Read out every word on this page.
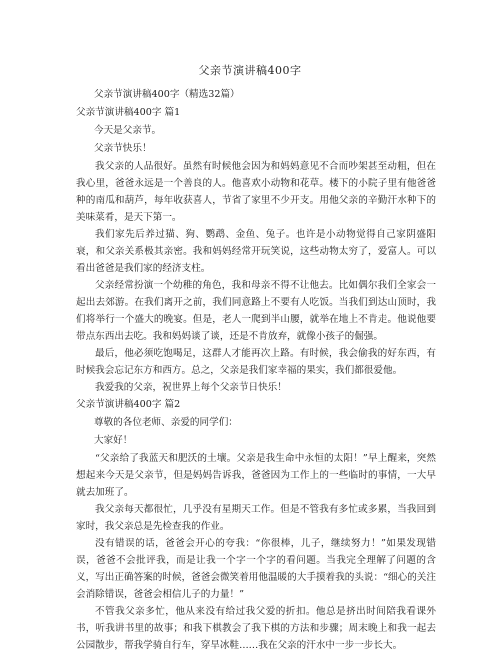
父亲节演讲稿400字
父亲节演讲稿400字（精选32篇）
父亲节演讲稿400字 篇1
今天是父亲节。
父亲节快乐！
我父亲的人品很好。虽然有时候他会因为和妈妈意见不合而吵架甚至动粗，但在我心里，爸爸永远是一个善良的人。他喜欢小动物和花草。楼下的小院子里有他爸爸种的南瓜和葫芦，每年收获喜人，节省了家里不少开支。用他父亲的辛勤汗水种下的美味菜肴，是天下第一。
我们家先后养过猫、狗、鹦鹉、金鱼、兔子。也许是小动物觉得自己家阴盛阳衰，和父亲关系极其亲密。我和妈妈经常开玩笑说，这些动物太穷了，爱富人。可以看出爸爸是我们家的经济支柱。
父亲经常扮演一个幼稚的角色，我和母亲不得不让他去。比如偶尔我们全家会一起出去郊游。在我们离开之前，我们同意路上不要有人吃饭。当我们到达山顶时，我们将举行一个盛大的晚宴。但是，老人一爬到半山腰，就举在地上不肯走。他说他要带点东西出去吃。我和妈妈谈了谈，还是不肯放弃，就像小孩子的倔强。
最后，他必须吃饱喝足，这群人才能再次上路。有时候，我会偷我的好东西，有时候我会忘记东方和西方。总之，父亲是我们家幸福的果实，我们都很爱他。
我爱我的父亲，祝世界上每个父亲节日快乐！
父亲节演讲稿400字 篇2
尊敬的各位老师、亲爱的同学们：
大家好！
“父亲给了我蓝天和肥沃的土壤。父亲是我生命中永恒的太阳！”早上醒来，突然想起来今天是父亲节，但是妈妈告诉我，爸爸因为工作上的一些临时的事情，一大早就去加班了。
我父亲每天都很忙，几乎没有星期天工作。但是不管我有多忙或多累，当我回到家时，我父亲总是先检查我的作业。
没有错误的话，爸爸会开心的夸我：“你很棒，儿子，继续努力！”如果发现错误，爸爸不会批评我，而是让我一个字一个字的看问题。当我完全理解了问题的含义，写出正确答案的时候，爸爸会微笑着用他温暖的大手摸着我的头说：“细心的关注会消除错误，爸爸会相信儿子的力量！”
不管我父亲多忙，他从来没有给过我父爱的折扣。他总是挤出时间陪我看课外书，听我讲书里的故事；和我下棋教会了我下棋的方法和步骤；周末晚上和我一起去公园散步，帮我学骑自行车，穿旱冰鞋……我在父亲的汗水中一步一步长大。
